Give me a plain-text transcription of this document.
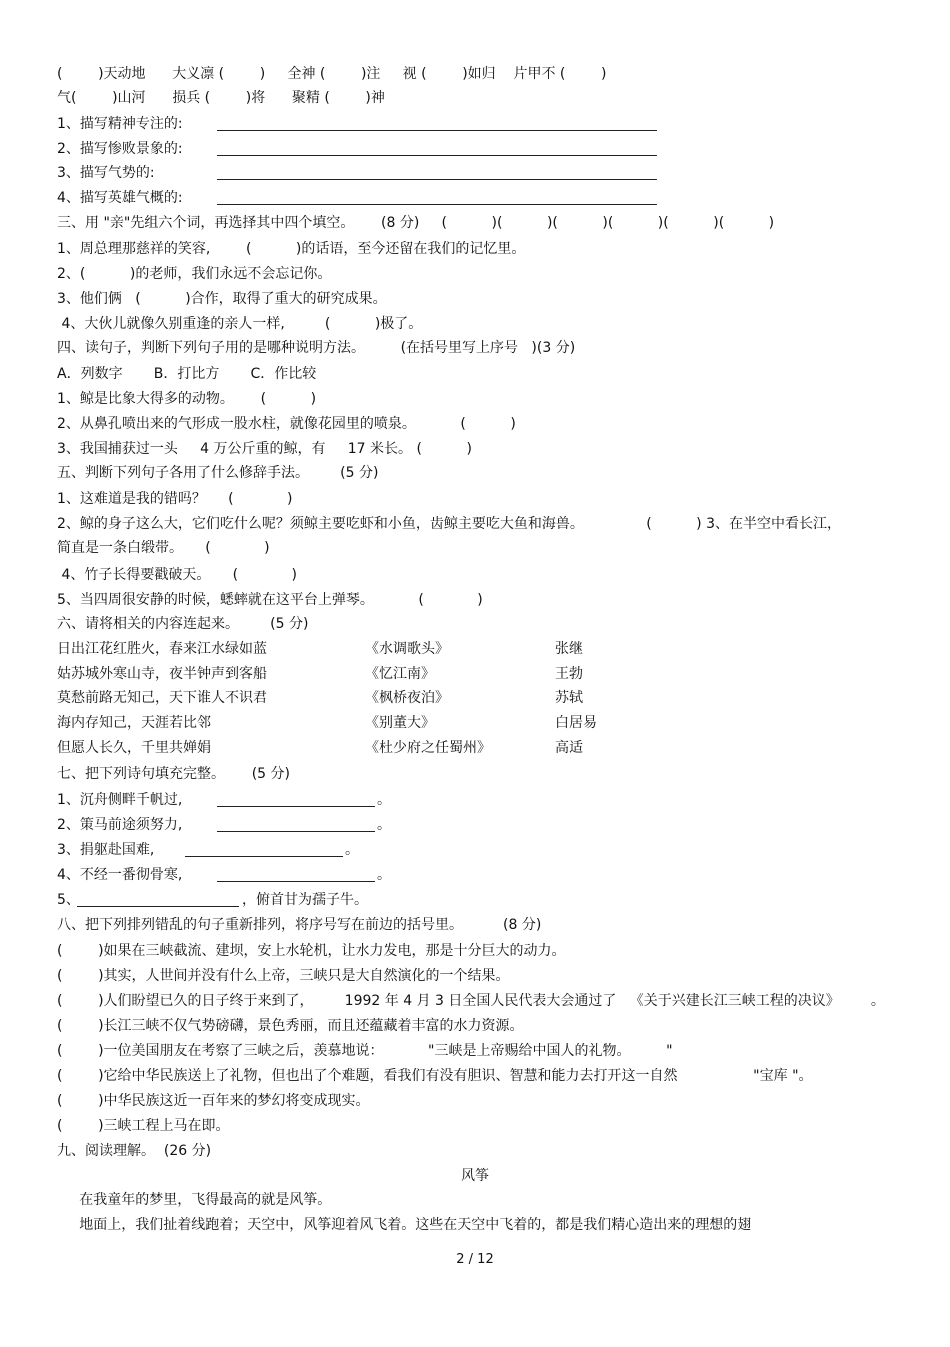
(        )天动地      大义凛 (        )     全神 (        )注     视 (        )如归    片甲不 (        )
气(        )山河      损兵 (        )将      聚精 (        )神
1、描写精神专注的:
2、描写惨败景象的:
3、描写气势的:
4、描写英雄气概的:
三、用 "亲"先组六个词，再选择其中四个填空。      (8 分)     (          )(          )(          )(          )(          )(          )
1、周总理那慈祥的笑容,        (          )的话语，至今还留在我们的记忆里。
2、(          )的老师，我们永远不会忘记你。
3、他们俩   (          )合作，取得了重大的研究成果。
4、大伙儿就像久别重逢的亲人一样,         (          )极了。
四、读句子，判断下列句子用的是哪种说明方法。        (在括号里写上序号   )(3 分)
A．列数字       B．打比方       C．作比较
1、鲸是比象大得多的动物。      (          )
2、从鼻孔喷出来的气形成一股水柱，就像花园里的喷泉。          (          )
3、我国捕获过一头     4 万公斤重的鲸，有     17 米长。 (          )
五、判断下列句子各用了什么修辞手法。       (5 分)
1、这难道是我的错吗？     (            )
2、鲸的身子这么大，它们吃什么呢？须鲸主要吃虾和小鱼，齿鲸主要吃大鱼和海兽。              (          ) 3、在半空中看长江，
简直是一条白缎带。     (            )
4、竹子长得要戳破天。     (            )
5、当四周很安静的时候，蟋蟀就在这平台上弹琴。          (            )
六、请将相关的内容连起来。       (5 分)
日出江花红胜火，春来江水绿如蓝	《水调歌头》	张继
姑苏城外寒山寺，夜半钟声到客船	《忆江南》	王勃
莫愁前路无知己，天下谁人不识君	《枫桥夜泊》	苏轼
海内存知己，天涯若比邻	《别董大》	白居易
但愿人长久，千里共婵娟	《杜少府之任蜀州》	高适
七、把下列诗句填充完整。      (5 分)
1、沉舟侧畔千帆过,	。
2、策马前途须努力,	。
3、捐躯赴国难,	。
4、不经一番彻骨寒,	。
5、	，俯首甘为孺子牛。
八、把下列排列错乱的句子重新排列，将序号写在前边的括号里。         (8 分)
(        )如果在三峡截流、建坝，安上水轮机，让水力发电，那是十分巨大的动力。
(        )其实，人世间并没有什么上帝，三峡只是大自然演化的一个结果。
(        )人们盼望已久的日子终于来到了，       1992 年 4 月 3 日全国人民代表大会通过了   《关于兴建长江三峡工程的决议》       。
(        )长江三峡不仅气势磅礴，景色秀丽，而且还蕴藏着丰富的水力资源。
(        )一位美国朋友在考察了三峡之后，羡慕地说：          "三峡是上帝赐给中国人的礼物。        "
(        )它给中华民族送上了礼物，但也出了个难题，看我们有没有胆识、智慧和能力去打开这一自然                 "宝库 "。
(        )中华民族这近一百年来的梦幻将变成现实。
(        )三峡工程上马在即。
九、阅读理解。  (26 分)
风筝
在我童年的梦里，飞得最高的就是风筝。
地面上，我们扯着线跑着；天空中，风筝迎着风飞着。这些在天空中飞着的，都是我们精心造出来的理想的翅
2 / 12
